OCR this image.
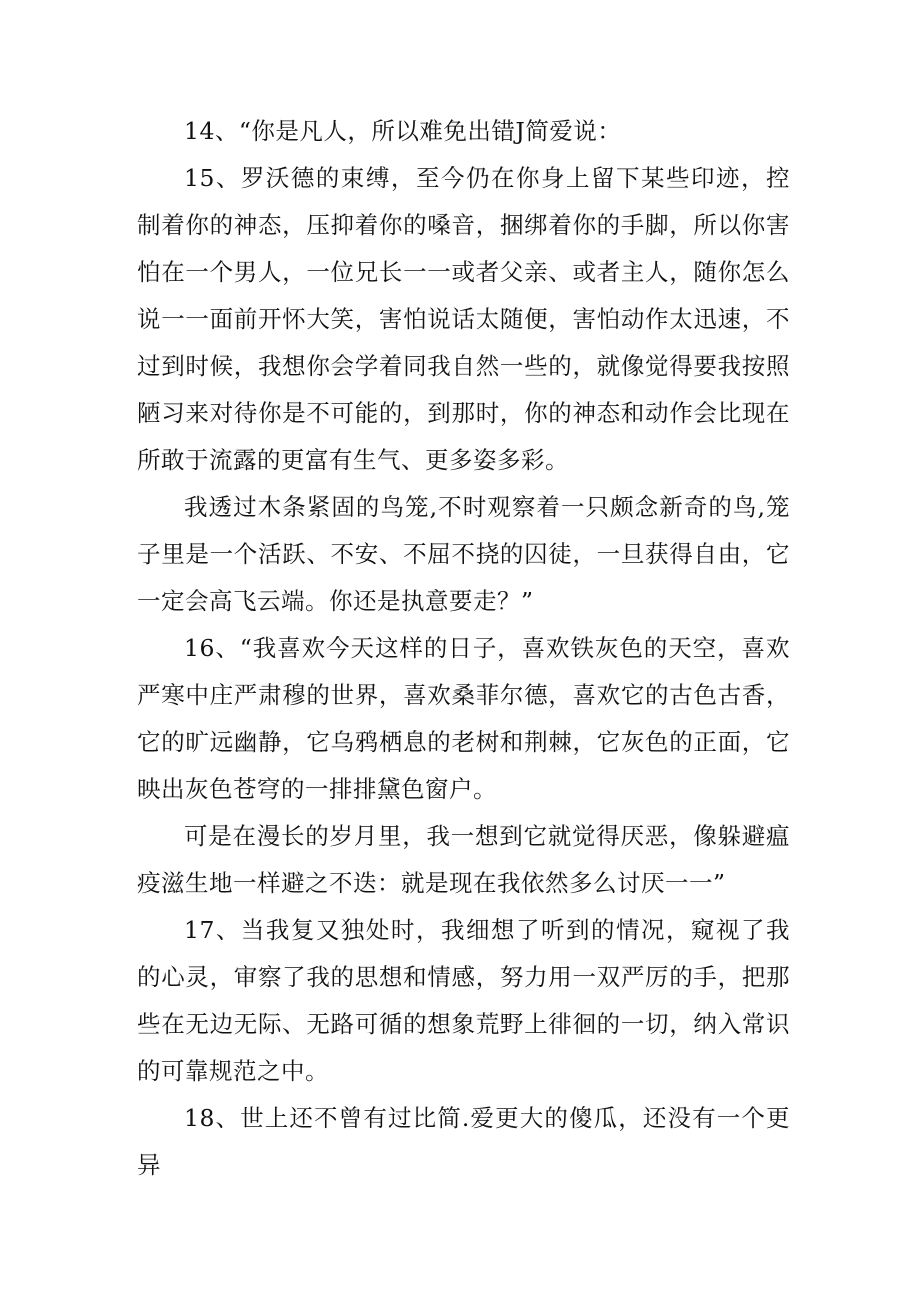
14、“你是凡人，所以难免出错J简爱说：

15、罗沃德的束缚，至今仍在你身上留下某些印迹，控制着你的神态，压抑着你的嗓音，捆绑着你的手脚，所以你害怕在一个男人，一位兄长一一或者父亲、或者主人，随你怎么说一一面前开怀大笑，害怕说话太随便，害怕动作太迅速，不过到时候，我想你会学着同我自然一些的，就像觉得要我按照陋习来对待你是不可能的，到那时，你的神态和动作会比现在所敢于流露的更富有生气、更多姿多彩。

我透过木条紧固的鸟笼,不时观察着一只颇念新奇的鸟,笼子里是一个活跃、不安、不屈不挠的囚徒，一旦获得自由，它一定会高飞云端。你还是执意要走？”

16、“我喜欢今天这样的日子，喜欢铁灰色的天空，喜欢严寒中庄严肃穆的世界，喜欢桑菲尔德，喜欢它的古色古香，它的旷远幽静，它乌鸦栖息的老树和荆棘，它灰色的正面，它映出灰色苍穹的一排排黛色窗户。

可是在漫长的岁月里，我一想到它就觉得厌恶，像躲避瘟疫滋生地一样避之不迭：就是现在我依然多么讨厌一一”

17、当我复又独处时，我细想了听到的情况，窥视了我的心灵，审察了我的思想和情感，努力用一双严厉的手，把那些在无边无际、无路可循的想象荒野上徘徊的一切，纳入常识的可靠规范之中。

18、世上还不曾有过比简.爱更大的傻瓜，还没有一个更异
